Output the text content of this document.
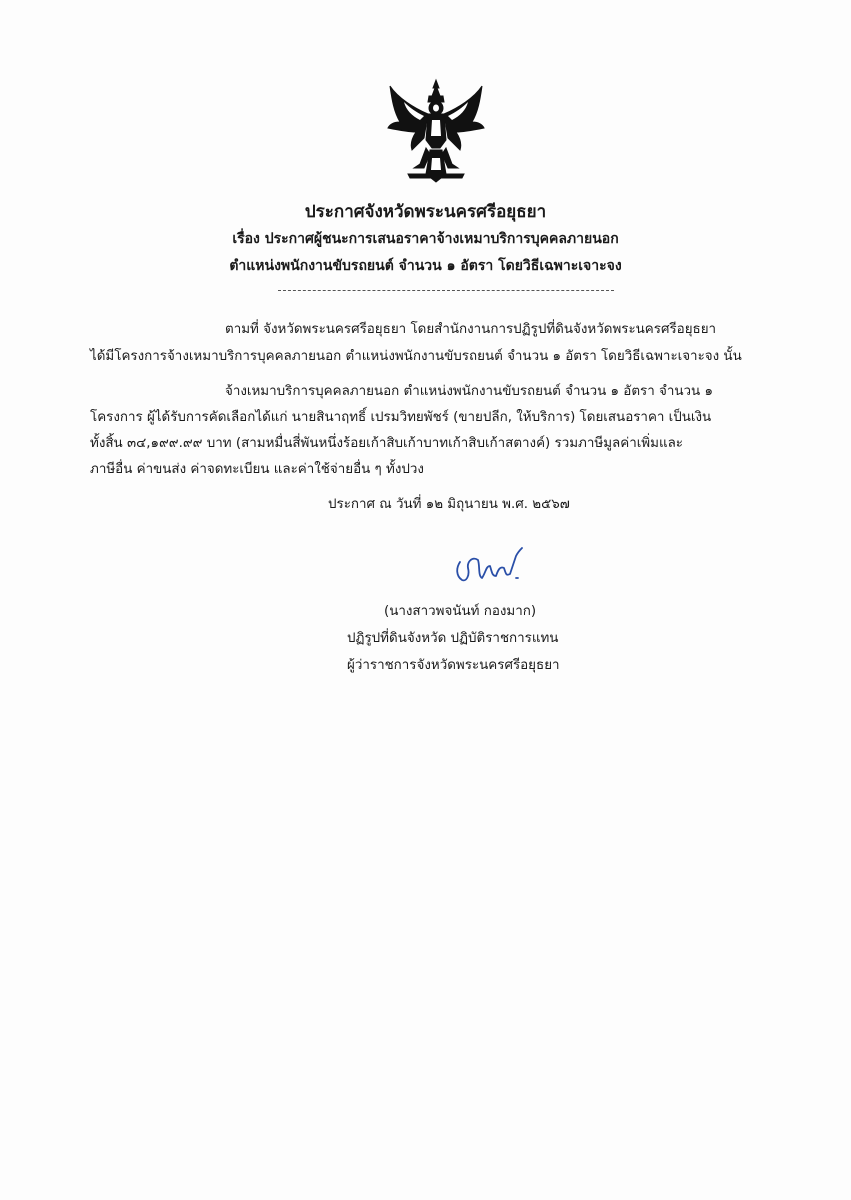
ประกาศจังหวัดพระนครศรีอยุธยา
เรื่อง ประกาศผู้ชนะการเสนอราคาจ้างเหมาบริการบุคคลภายนอก
ตำแหน่งพนักงานขับรถยนต์ จำนวน ๑ อัตรา โดยวิธีเฉพาะเจาะจง
ตามที่ จังหวัดพระนครศรีอยุธยา โดยสำนักงานการปฏิรูปที่ดินจังหวัดพระนครศรีอยุธยา
ได้มีโครงการจ้างเหมาบริการบุคคลภายนอก ตำแหน่งพนักงานขับรถยนต์ จำนวน ๑ อัตรา โดยวิธีเฉพาะเจาะจง นั้น
จ้างเหมาบริการบุคคลภายนอก ตำแหน่งพนักงานขับรถยนต์ จำนวน ๑ อัตรา จำนวน ๑
โครงการ ผู้ได้รับการคัดเลือกได้แก่ นายสินาฤทธิ์ เปรมวิทยพัชร์ (ขายปลีก, ให้บริการ) โดยเสนอราคา เป็นเงิน
ทั้งสิ้น ๓๔,๑๙๙.๙๙ บาท (สามหมื่นสี่พันหนึ่งร้อยเก้าสิบเก้าบาทเก้าสิบเก้าสตางค์) รวมภาษีมูลค่าเพิ่มและ
ภาษีอื่น ค่าขนส่ง ค่าจดทะเบียน และค่าใช้จ่ายอื่น ๆ ทั้งปวง
ประกาศ ณ วันที่ ๑๒ มิถุนายน พ.ศ. ๒๕๖๗
(นางสาวพจนันท์ กองมาก)
ปฏิรูปที่ดินจังหวัด ปฏิบัติราชการแทน
ผู้ว่าราชการจังหวัดพระนครศรีอยุธยา
